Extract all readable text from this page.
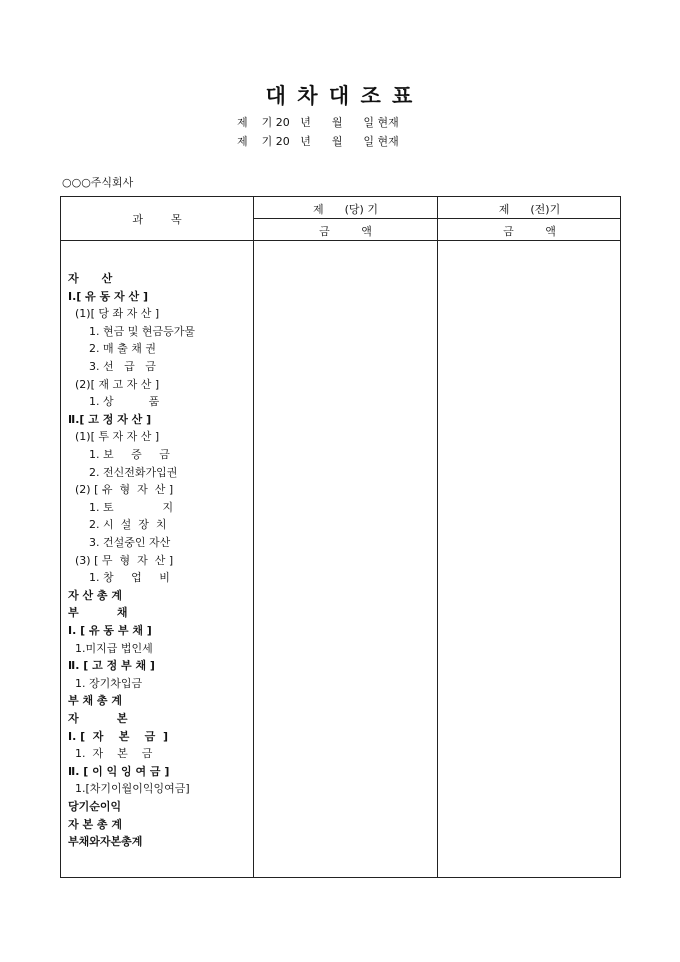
대 차 대 조 표
제    기 20   년      월      일 현재
제    기 20   년      월      일 현재
○○○주식회사
과        목
제      (당) 기	제      (전)기
금         액	금         액
자      산
Ⅰ.[ 유 동 자 산 ]
(1)[ 당 좌 자 산 ]
1. 현금 및 현금등가물
2. 매 출 채 권
3. 선   급   금
(2)[ 재 고 자 산 ]
1. 상          품
Ⅱ.[ 고 정 자 산 ]
(1)[ 투 자 자 산 ]
1. 보     증     금
2. 전신전화가입권
(2) [ 유  형  자  산 ]
1. 토              지
2. 시  설  장  치
3. 건설중인 자산
(3) [ 무  형  자  산 ]
1. 창     업     비
자 산 총 계
부          채
Ⅰ. [ 유 동 부 채 ]
1.미지급 법인세
Ⅱ. [ 고 정 부 채 ]
1. 장기차입금
부 채 총 계
자          본
Ⅰ. [  자    본    금  ]
1.  자    본    금
Ⅱ. [ 이 익 잉 여 금 ]
1.[차기이월이익잉여금]
당기순이익
자 본 총 계
부채와자본총계
